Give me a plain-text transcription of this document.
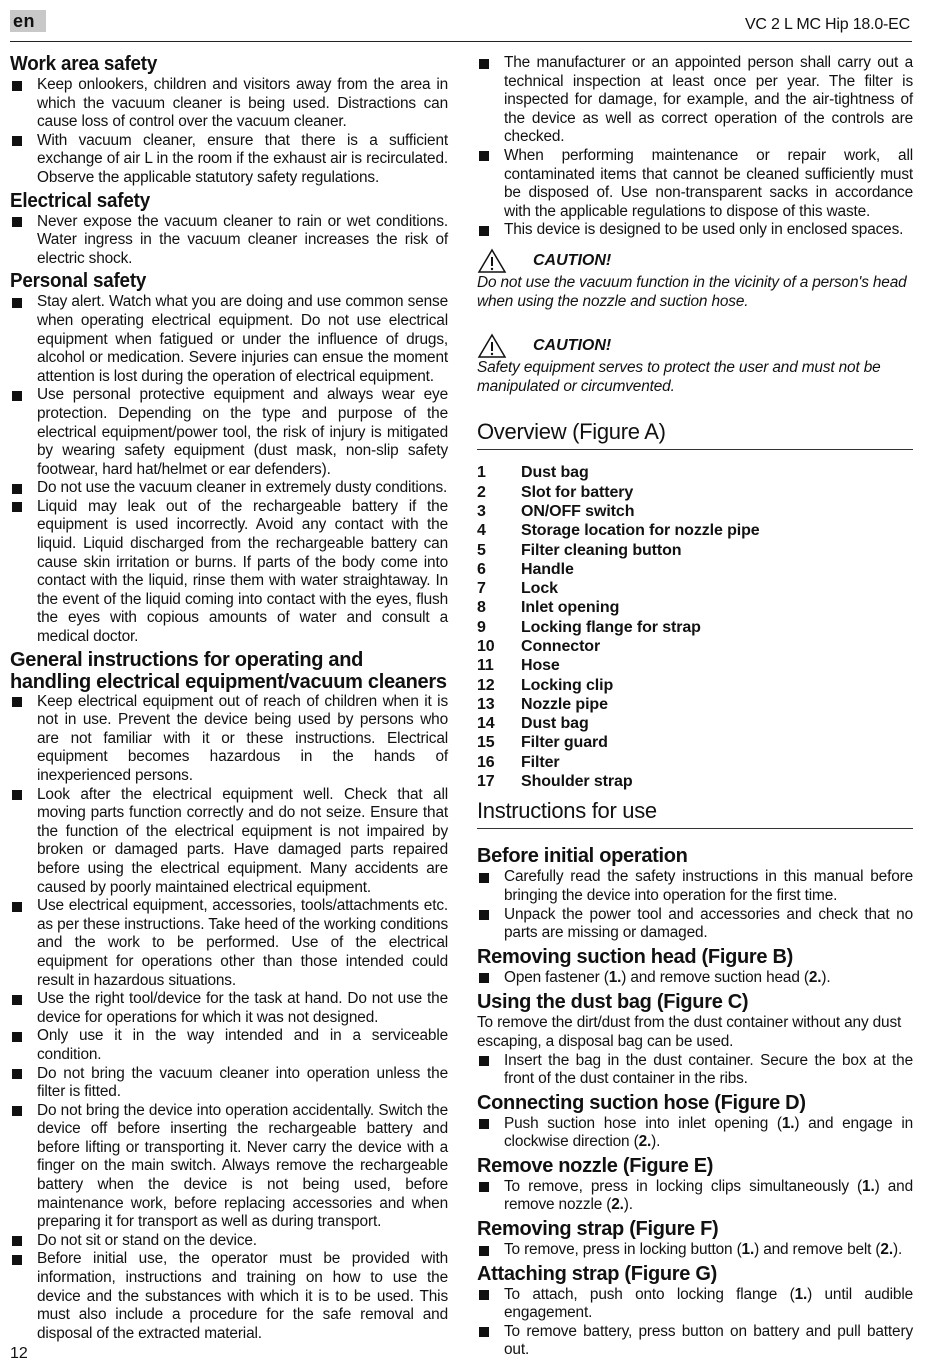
en	VC 2 L MC Hip 18.0-EC
Work area safety
Keep onlookers, children and visitors away from the area in which the vacuum cleaner is being used. Distractions can cause loss of control over the vacuum cleaner.
With vacuum cleaner, ensure that there is a sufficient exchange of air L in the room if the exhaust air is recirculated. Observe the applicable statutory safety regulations.
Electrical safety
Never expose the vacuum cleaner to rain or wet conditions. Water ingress in the vacuum cleaner increases the risk of electric shock.
Personal safety
Stay alert. Watch what you are doing and use common sense when operating electrical equipment. Do not use electrical equipment when fatigued or under the influence of drugs, alcohol or medication. Severe injuries can ensue the moment attention is lost during the operation of electrical equipment.
Use personal protective equipment and always wear eye protection. Depending on the type and purpose of the electrical equipment/power tool, the risk of injury is mitigated by wearing safety equipment (dust mask, non-slip safety footwear, hard hat/helmet or ear defenders).
Do not use the vacuum cleaner in extremely dusty conditions.
Liquid may leak out of the rechargeable battery if the equipment is used incorrectly. Avoid any contact with the liquid. Liquid discharged from the rechargeable battery can cause skin irritation or burns. If parts of the body come into contact with the liquid, rinse them with water straightaway. In the event of the liquid coming into contact with the eyes, flush the eyes with copious amounts of water and consult a medical doctor.
General instructions for operating and handling electrical equipment/vacuum cleaners
Keep electrical equipment out of reach of children when it is not in use. Prevent the device being used by persons who are not familiar with it or these instructions. Electrical equipment becomes hazardous in the hands of inexperienced persons.
Look after the electrical equipment well. Check that all moving parts function correctly and do not seize. Ensure that the function of the electrical equipment is not impaired by broken or damaged parts. Have damaged parts repaired before using the electrical equipment. Many accidents are caused by poorly maintained electrical equipment.
Use electrical equipment, accessories, tools/attachments etc. as per these instructions. Take heed of the working conditions and the work to be performed. Use of the electrical equipment for operations other than those intended could result in hazardous situations.
Use the right tool/device for the task at hand. Do not use the device for operations for which it was not designed.
Only use it in the way intended and in a serviceable condition.
Do not bring the vacuum cleaner into operation unless the filter is fitted.
Do not bring the device into operation accidentally. Switch the device off before inserting the rechargeable battery and before lifting or transporting it. Never carry the device with a finger on the main switch. Always remove the rechargeable battery when the device is not being used, before maintenance work, before replacing accessories and when preparing it for transport as well as during transport.
Do not sit or stand on the device.
Before initial use, the operator must be provided with information, instructions and training on how to use the device and the substances with which it is to be used. This must also include a procedure for the safe removal and disposal of the extracted material.
The manufacturer or an appointed person shall carry out a technical inspection at least once per year. The filter is inspected for damage, for example, and the air-tightness of the device as well as correct operation of the controls are checked.
When performing maintenance or repair work, all contaminated items that cannot be cleaned sufficiently must be disposed of. Use non-transparent sacks in accordance with the applicable regulations to dispose of this waste.
This device is designed to be used only in enclosed spaces.
CAUTION!
Do not use the vacuum function in the vicinity of a person's head when using the nozzle and suction hose.
CAUTION!
Safety equipment serves to protect the user and must not be manipulated or circumvented.
Overview (Figure A)
1 Dust bag
2 Slot for battery
3 ON/OFF switch
4 Storage location for nozzle pipe
5 Filter cleaning button
6 Handle
7 Lock
8 Inlet opening
9 Locking flange for strap
10 Connector
11 Hose
12 Locking clip
13 Nozzle pipe
14 Dust bag
15 Filter guard
16 Filter
17 Shoulder strap
Instructions for use
Before initial operation
Carefully read the safety instructions in this manual before bringing the device into operation for the first time.
Unpack the power tool and accessories and check that no parts are missing or damaged.
Removing suction head (Figure B)
Open fastener (1.) and remove suction head (2.).
Using the dust bag (Figure C)

To remove the dirt/dust from the dust container without any dust escaping, a disposal bag can be used.

Insert the bag in the dust container. Secure the box at the front of the dust container in the ribs.
Connecting suction hose (Figure D)
Push suction hose into inlet opening (1.) and engage in clockwise direction (2.).
Remove nozzle (Figure E)
To remove, press in locking clips simultaneously (1.) and remove nozzle (2.).
Removing strap (Figure F)
To remove, press in locking button (1.) and remove belt (2.).
Attaching strap (Figure G)
To attach, push onto locking flange (1.) until audible engagement.
To remove battery, press button on battery and pull battery out.
12
